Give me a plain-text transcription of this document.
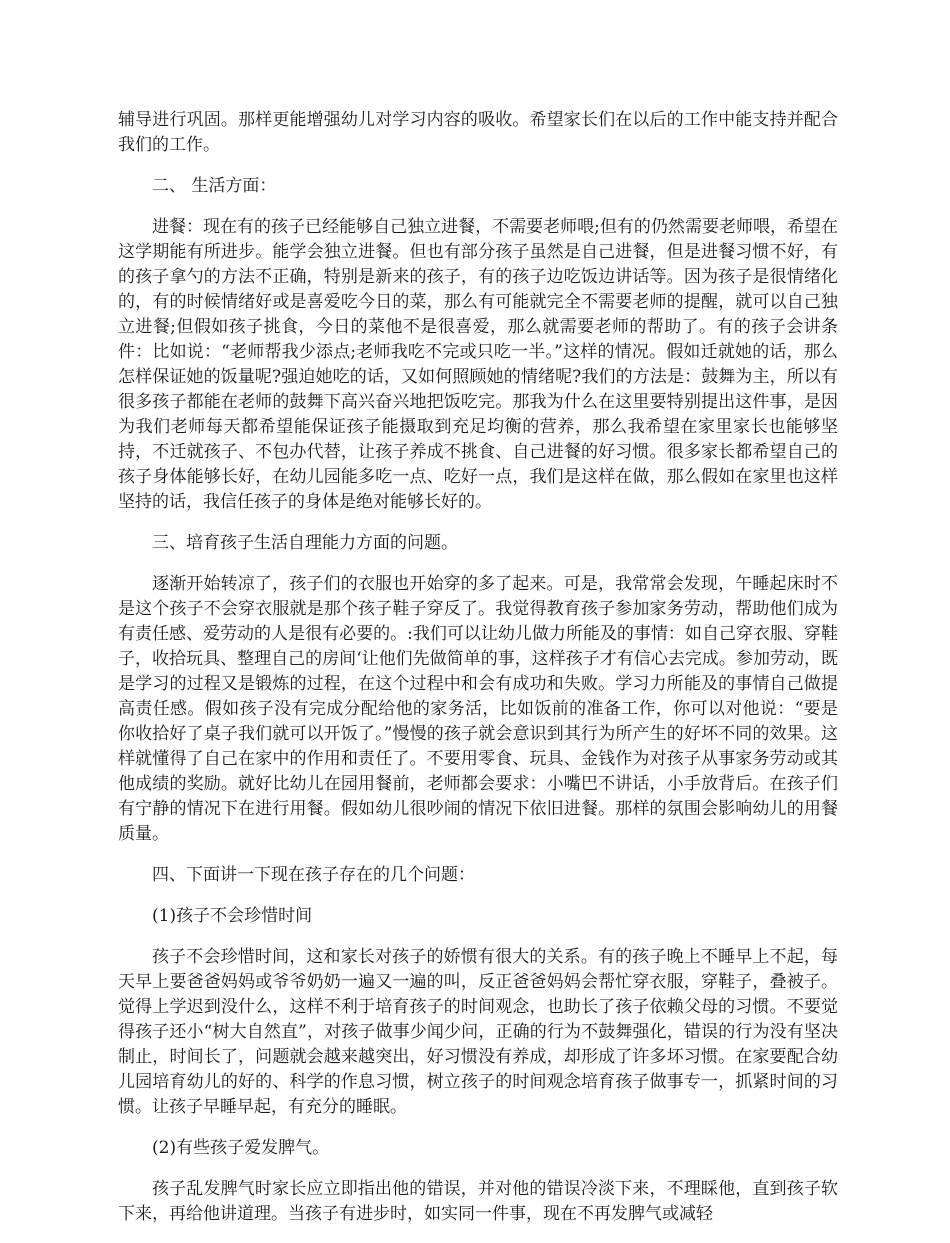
辅导进行巩固。那样更能增强幼儿对学习内容的吸收。希望家长们在以后的工作中能支持并配合我们的工作。

二、 生活方面：

进餐：现在有的孩子已经能够自己独立进餐，不需要老师喂;但有的仍然需要老师喂，希望在这学期能有所进步。能学会独立进餐。但也有部分孩子虽然是自己进餐，但是进餐习惯不好，有的孩子拿勺的方法不正确，特别是新来的孩子，有的孩子边吃饭边讲话等。因为孩子是很情绪化的，有的时候情绪好或是喜爱吃今日的菜，那么有可能就完全不需要老师的提醒，就可以自己独立进餐;但假如孩子挑食，今日的菜他不是很喜爱，那么就需要老师的帮助了。有的孩子会讲条件：比如说：“老师帮我少添点;老师我吃不完或只吃一半。”这样的情况。假如迁就她的话，那么怎样保证她的饭量呢?强迫她吃的话，又如何照顾她的情绪呢?我们的方法是：鼓舞为主，所以有很多孩子都能在老师的鼓舞下高兴奋兴地把饭吃完。那我为什么在这里要特别提出这件事，是因为我们老师每天都希望能保证孩子能摄取到充足均衡的营养，那么我希望在家里家长也能够坚持，不迁就孩子、不包办代替，让孩子养成不挑食、自己进餐的好习惯。很多家长都希望自己的孩子身体能够长好，在幼儿园能多吃一点、吃好一点，我们是这样在做，那么假如在家里也这样坚持的话，我信任孩子的身体是绝对能够长好的。

三、培育孩子生活自理能力方面的问题。

逐渐开始转凉了，孩子们的衣服也开始穿的多了起来。可是，我常常会发现，午睡起床时不是这个孩子不会穿衣服就是那个孩子鞋子穿反了。我觉得教育孩子参加家务劳动，帮助他们成为有责任感、爱劳动的人是很有必要的。:我们可以让幼儿做力所能及的事情：如自己穿衣服、穿鞋子，收拾玩具、整理自己的房间‘让他们先做简单的事，这样孩子才有信心去完成。参加劳动，既是学习的过程又是锻炼的过程，在这个过程中和会有成功和失败。学习力所能及的事情自己做提高责任感。假如孩子没有完成分配给他的家务活，比如饭前的准备工作，你可以对他说：“要是你收拾好了桌子我们就可以开饭了。”慢慢的孩子就会意识到其行为所产生的好坏不同的效果。这样就懂得了自己在家中的作用和责任了。不要用零食、玩具、金钱作为对孩子从事家务劳动或其他成绩的奖励。就好比幼儿在园用餐前，老师都会要求：小嘴巴不讲话，小手放背后。在孩子们有宁静的情况下在进行用餐。假如幼儿很吵闹的情况下依旧进餐。那样的氛围会影响幼儿的用餐质量。

四、下面讲一下现在孩子存在的几个问题：

(1)孩子不会珍惜时间

孩子不会珍惜时间，这和家长对孩子的娇惯有很大的关系。有的孩子晚上不睡早上不起，每天早上要爸爸妈妈或爷爷奶奶一遍又一遍的叫，反正爸爸妈妈会帮忙穿衣服，穿鞋子，叠被子。觉得上学迟到没什么，这样不利于培育孩子的时间观念，也助长了孩子依赖父母的习惯。不要觉得孩子还小“树大自然直”，对孩子做事少闻少问，正确的行为不鼓舞强化，错误的行为没有坚决制止，时间长了，问题就会越来越突出，好习惯没有养成，却形成了许多坏习惯。在家要配合幼儿园培育幼儿的好的、科学的作息习惯，树立孩子的时间观念培育孩子做事专一，抓紧时间的习惯。让孩子早睡早起，有充分的睡眠。

(2)有些孩子爱发脾气。

孩子乱发脾气时家长应立即指出他的错误，并对他的错误冷淡下来，不理睬他，直到孩子软下来，再给他讲道理。当孩子有进步时，如实同一件事，现在不再发脾气或减轻
